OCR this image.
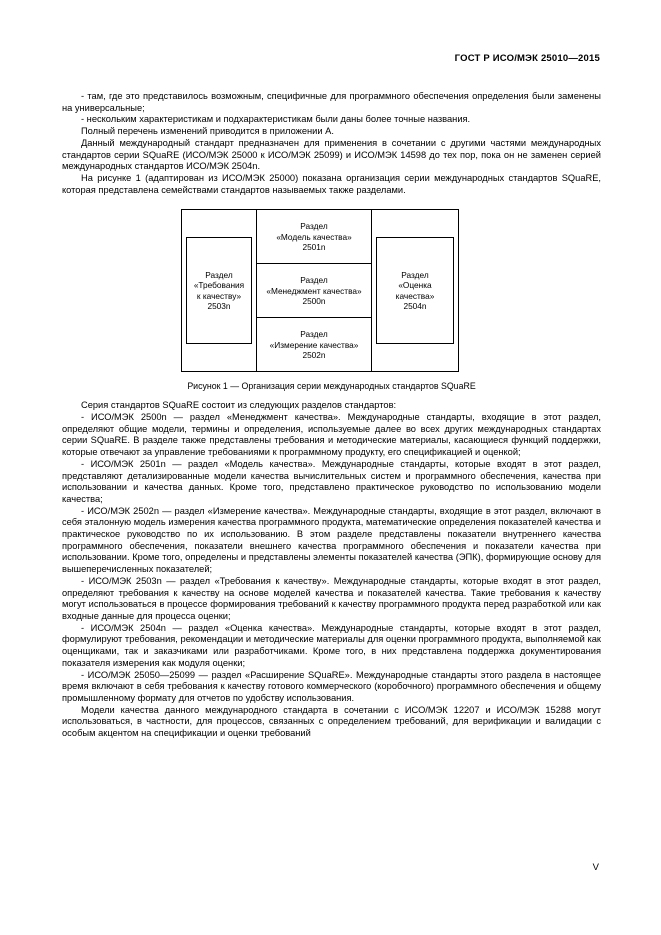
ГОСТ Р ИСО/МЭК 25010—2015

- там, где это представилось возможным, специфичные для программного обеспечения определения были заменены на универсальные;

- нескольким характеристикам и подхарактеристикам были даны более точные названия.

Полный перечень изменений приводится в приложении А.

Данный международный стандарт предназначен для применения в сочетании с другими частями международных стандартов серии SQuaRE (ИСО/МЭК 25000 к ИСО/МЭК 25099) и ИСО/МЭК 14598 до тех пор, пока он не заменен серией международных стандартов ИСО/МЭК 2504n.

На рисунке 1 (адаптирован из ИСО/МЭК 25000) показана организация серии международных стандартов SQuaRE, которая представлена семействами стандартов называемых также разделами.

Раздел
«Требования
к качеству»
2503n
Раздел
«Модель качества»
2501n
Раздел
«Менеджмент качества»
2500n
Раздел
«Измерение качества»
2502n
Раздел
«Оценка
качества»
2504n
Рисунок 1 — Организация серии международных стандартов SQuaRE

Серия стандартов SQuaRE состоит из следующих разделов стандартов:

- ИСО/МЭК 2500n — раздел «Менеджмент качества». Международные стандарты, входящие в этот раздел, определяют общие модели, термины и определения, используемые далее во всех других международных стандартах серии SQuaRE. В разделе также представлены требования и методические материалы, касающиеся функций поддержки, которые отвечают за управление требованиями к программному продукту, его спецификацией и оценкой;

- ИСО/МЭК 2501n — раздел «Модель качества». Международные стандарты, которые входят в этот раздел, представляют детализированные модели качества вычислительных систем и программного обеспечения, качества при использовании и качества данных. Кроме того, представлено практическое руководство по использованию модели качества;

- ИСО/МЭК 2502n — раздел «Измерение качества». Международные стандарты, входящие в этот раздел, включают в себя эталонную модель измерения качества программного продукта, математические определения показателей качества и практическое руководство по их использованию. В этом разделе представлены показатели внутреннего качества программного обеспечения, показатели внешнего качества программного обеспечения и показатели качества при использовании. Кроме того, определены и представлены элементы показателей качества (ЭПК), формирующие основу для вышеперечисленных показателей;

- ИСО/МЭК 2503n — раздел «Требования к качеству». Международные стандарты, которые входят в этот раздел, определяют требования к качеству на основе моделей качества и показателей качества. Такие требования к качеству могут использоваться в процессе формирования требований к качеству программного продукта перед разработкой или как входные данные для процесса оценки;

- ИСО/МЭК 2504n — раздел «Оценка качества». Международные стандарты, которые входят в этот раздел, формулируют требования, рекомендации и методические материалы для оценки программного продукта, выполняемой как оценщиками, так и заказчиками или разработчиками. Кроме того, в них представлена поддержка документирования показателя измерения как модуля оценки;

- ИСО/МЭК 25050—25099 — раздел «Расширение SQuaRE». Международные стандарты этого раздела в настоящее время включают в себя требования к качеству готового коммерческого (коробочного) программного обеспечения и общему промышленному формату для отчетов по удобству использования.

Модели качества данного международного стандарта в сочетании с ИСО/МЭК 12207 и ИСО/МЭК 15288 могут использоваться, в частности, для процессов, связанных с определением требований, для верификации и валидации с особым акцентом на спецификации и оценки требований

V
